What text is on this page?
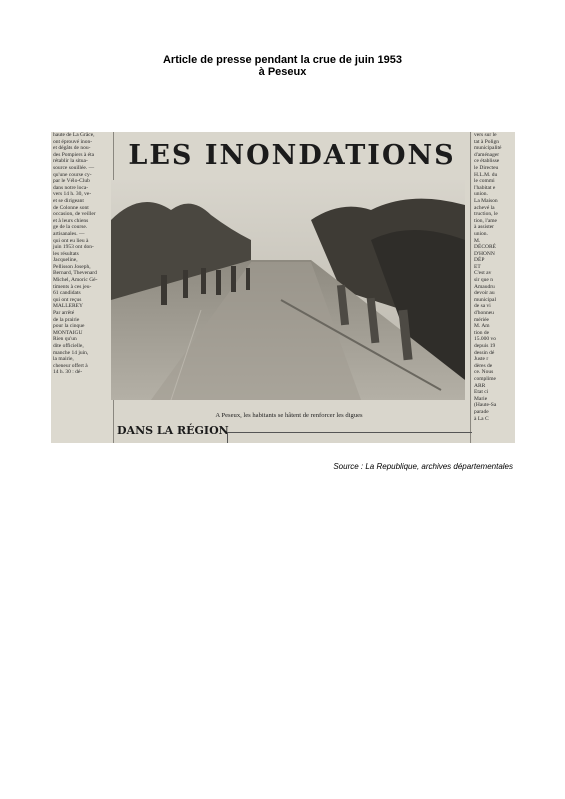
Article de presse pendant la crue de juin 1953
à Peseux

haute de La Grâce,

ont éprouvé inon-

et dégâts de nou-

des Pompiers à éta

rétablir la situa-

source souillée. —

qu'une course cy-

par le Vélo-Club

dans notre loca-

vers 14 h. 30, ve-

et se dirigeant

de Colonne sont

occasion, de veiller

et à leurs chiens

ge de la course.

artisanales. —

qui ont eu lieu à

juin 1953 ont don-

les résultats

Jacqueline,

Pellisson Joseph,

Bernard, Thevenard

Michel, Amoric Gé-

timents à ces jeu-

61 candidats

qui ont reçus

MALLEREY

Par arrêté

de la prairie

pour la cinque

MONTAIGU

Rien qu'un

dite officielle,

manche 14 juin,

la mairie,

cheneur offert à

14 h. 30 : dé-

vers sur le

tat à Polign

municipalité

d'aménager

ce établisse

le Directeu

H.L.M. du

le commi

l'habitat e

union.

La Maison

achevé la

truction, le

tion, l'ame

à assister

union.

M.

DÉCORÉ

D'HONN

DÉP

ET

C'est av

sir que n

Amaudru

devoir au

municipal

de sa vi

d'honneu

mériée

M. Am

tion de

15.000 vo

depuis 19

dessin dé

Juste r

dères de

ce. Nous

complime

ARR

Etat ci

Marie

(Haute-Sa

parade

à La C

LES INONDATIONS
A Peseux, les habitants se hâtent de renforcer les digues
DANS LA RÉGION
Source : La Republique, archives départementales
